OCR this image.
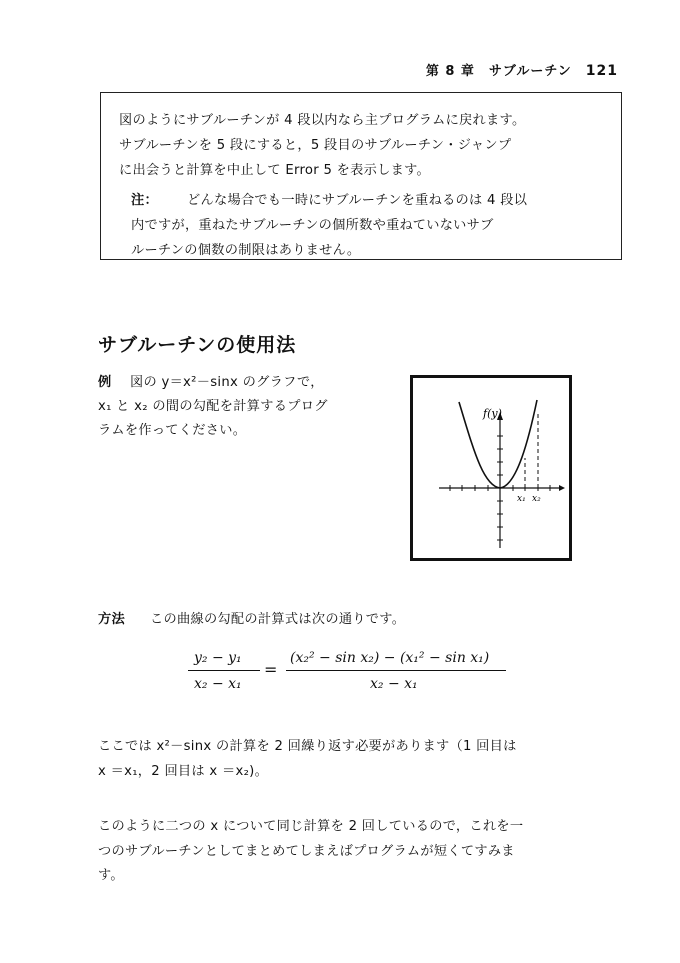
第 8 章　サブルーチン 121
図のようにサブルーチンが 4 段以内なら主プログラムに戻れます。
サブルーチンを 5 段にすると，5 段目のサブルーチン・ジャンプ
に出会うと計算を中止して Error 5 を表示します。
注： どんな場合でも一時にサブルーチンを重ねるのは 4 段以
内ですが，重ねたサブルーチンの個所数や重ねていないサブ
ルーチンの個数の制限はありません。
サブルーチンの使用法
例 図の y＝x²－sinx のグラフで，
x₁ と x₂ の間の勾配を計算するプログ
ラムを作ってください。
f(y)
x₁ x₂
方法 この曲線の勾配の計算式は次の通りです。
y₂ − y₁
x₂ − x₁
=
(x₂² − sin x₂) − (x₁² − sin x₁)
x₂ − x₁
ここでは x²－sinx の計算を 2 回繰り返す必要があります（1 回目は
x ＝x₁，2 回目は x ＝x₂)。
このように二つの x について同じ計算を 2 回しているので，これを一
つのサブルーチンとしてまとめてしまえばプログラムが短くてすみま
す。
